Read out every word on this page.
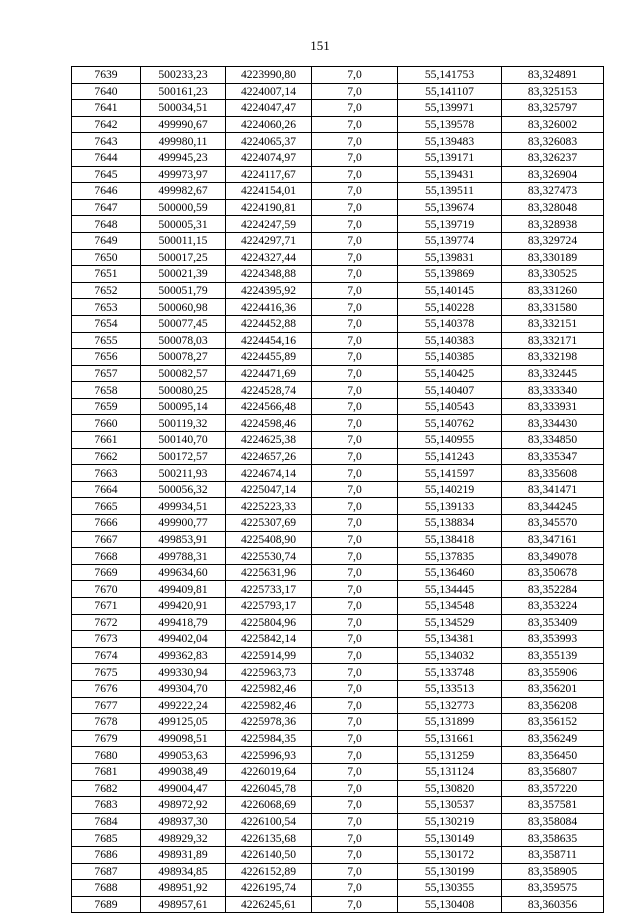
151
7639	500233,23	4223990,80	7,0	55,141753	83,324891
7640	500161,23	4224007,14	7,0	55,141107	83,325153
7641	500034,51	4224047,47	7,0	55,139971	83,325797
7642	499990,67	4224060,26	7,0	55,139578	83,326002
7643	499980,11	4224065,37	7,0	55,139483	83,326083
7644	499945,23	4224074,97	7,0	55,139171	83,326237
7645	499973,97	4224117,67	7,0	55,139431	83,326904
7646	499982,67	4224154,01	7,0	55,139511	83,327473
7647	500000,59	4224190,81	7,0	55,139674	83,328048
7648	500005,31	4224247,59	7,0	55,139719	83,328938
7649	500011,15	4224297,71	7,0	55,139774	83,329724
7650	500017,25	4224327,44	7,0	55,139831	83,330189
7651	500021,39	4224348,88	7,0	55,139869	83,330525
7652	500051,79	4224395,92	7,0	55,140145	83,331260
7653	500060,98	4224416,36	7,0	55,140228	83,331580
7654	500077,45	4224452,88	7,0	55,140378	83,332151
7655	500078,03	4224454,16	7,0	55,140383	83,332171
7656	500078,27	4224455,89	7,0	55,140385	83,332198
7657	500082,57	4224471,69	7,0	55,140425	83,332445
7658	500080,25	4224528,74	7,0	55,140407	83,333340
7659	500095,14	4224566,48	7,0	55,140543	83,333931
7660	500119,32	4224598,46	7,0	55,140762	83,334430
7661	500140,70	4224625,38	7,0	55,140955	83,334850
7662	500172,57	4224657,26	7,0	55,141243	83,335347
7663	500211,93	4224674,14	7,0	55,141597	83,335608
7664	500056,32	4225047,14	7,0	55,140219	83,341471
7665	499934,51	4225223,33	7,0	55,139133	83,344245
7666	499900,77	4225307,69	7,0	55,138834	83,345570
7667	499853,91	4225408,90	7,0	55,138418	83,347161
7668	499788,31	4225530,74	7,0	55,137835	83,349078
7669	499634,60	4225631,96	7,0	55,136460	83,350678
7670	499409,81	4225733,17	7,0	55,134445	83,352284
7671	499420,91	4225793,17	7,0	55,134548	83,353224
7672	499418,79	4225804,96	7,0	55,134529	83,353409
7673	499402,04	4225842,14	7,0	55,134381	83,353993
7674	499362,83	4225914,99	7,0	55,134032	83,355139
7675	499330,94	4225963,73	7,0	55,133748	83,355906
7676	499304,70	4225982,46	7,0	55,133513	83,356201
7677	499222,24	4225982,46	7,0	55,132773	83,356208
7678	499125,05	4225978,36	7,0	55,131899	83,356152
7679	499098,51	4225984,35	7,0	55,131661	83,356249
7680	499053,63	4225996,93	7,0	55,131259	83,356450
7681	499038,49	4226019,64	7,0	55,131124	83,356807
7682	499004,47	4226045,78	7,0	55,130820	83,357220
7683	498972,92	4226068,69	7,0	55,130537	83,357581
7684	498937,30	4226100,54	7,0	55,130219	83,358084
7685	498929,32	4226135,68	7,0	55,130149	83,358635
7686	498931,89	4226140,50	7,0	55,130172	83,358711
7687	498934,85	4226152,89	7,0	55,130199	83,358905
7688	498951,92	4226195,74	7,0	55,130355	83,359575
7689	498957,61	4226245,61	7,0	55,130408	83,360356
